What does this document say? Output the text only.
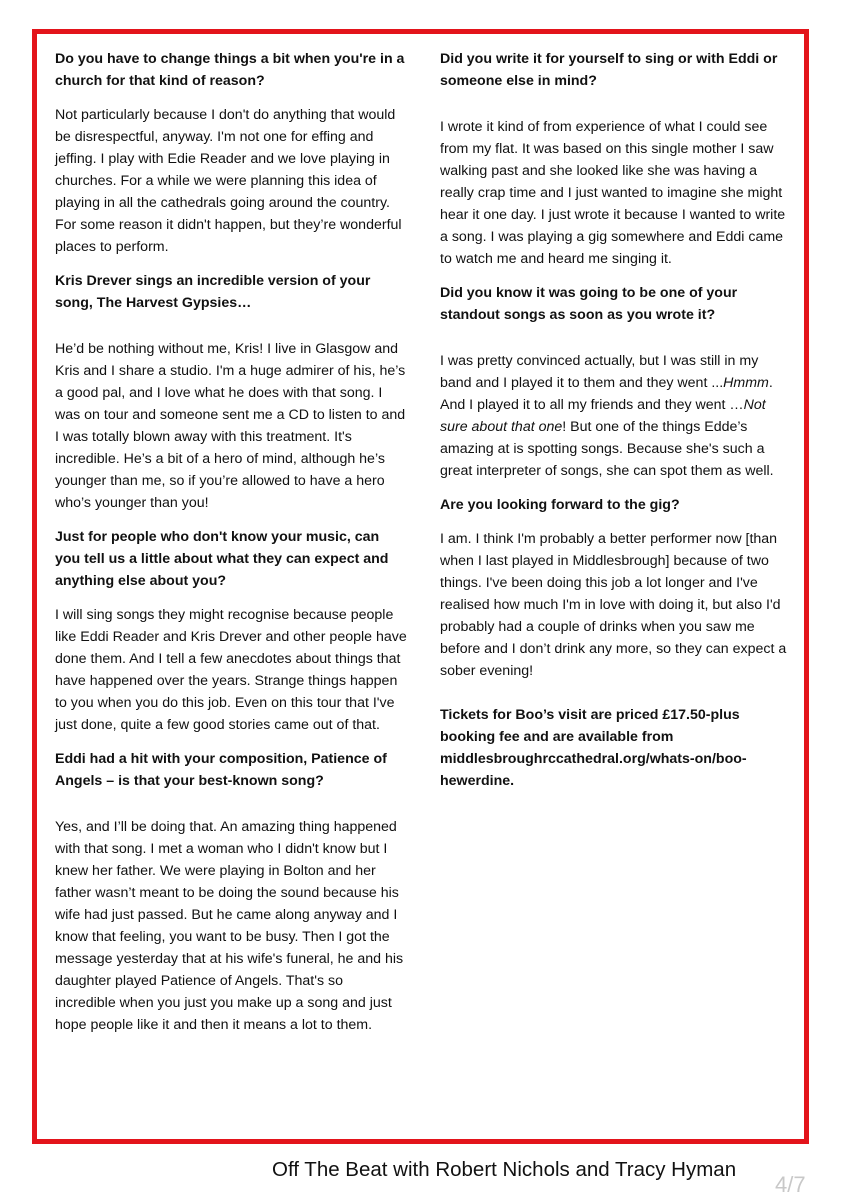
Do you have to change things a bit when you're in a church for that kind of reason?

Not particularly because I don't do anything that would be disrespectful, anyway. I'm not one for effing and jeffing. I play with Edie Reader and we love playing in churches. For a while we were planning this idea of playing in all the cathedrals going around the country. For some reason it didn't happen, but they’re wonderful places to perform.

Kris Drever sings an incredible version of your song, The Harvest Gypsies…

He’d be nothing without me, Kris! I live in Glasgow and Kris and I share a studio. I'm a huge admirer of his, he’s a good pal, and I love what he does with that song. I was on tour and someone sent me a CD to listen to and I was totally blown away with this treatment. It's incredible. He’s a bit of a hero of mind, although he’s younger than me, so if you’re allowed to have a hero who’s younger than you!

Just for people who don't know your music, can you tell us a little about what they can expect and anything else about you?

I will sing songs they might recognise because people like Eddi Reader and Kris Drever and other people have done them. And I tell a few anecdotes about things that have happened over the years. Strange things happen to you when you do this job. Even on this tour that I've just done, quite a few good stories came out of that.

Eddi had a hit with your composition, Patience of Angels – is that your best-known song?

Yes, and I’ll be doing that. An amazing thing happened with that song. I met a woman who I didn't know but I knew her father. We were playing in Bolton and her father wasn’t meant to be doing the sound because his wife had just passed. But he came along anyway and I know that feeling, you want to be busy. Then I got the message yesterday that at his wife's funeral, he and his daughter played Patience of Angels. That's so incredible when you just you make up a song and just hope people like it and then it means a lot to them.

Did you write it for yourself to sing or with Eddi or someone else in mind?

I wrote it kind of from experience of what I could see from my flat. It was based on this single mother I saw walking past and she looked like she was having a really crap time and I just wanted to imagine she might hear it one day. I just wrote it because I wanted to write a song. I was playing a gig somewhere and Eddi came to watch me and heard me singing it.

Did you know it was going to be one of your standout songs as soon as you wrote it?

I was pretty convinced actually, but I was still in my band and I played it to them and they went ...Hmmm. And I played it to all my friends and they went …Not sure about that one! But one of the things Edde’s amazing at is spotting songs. Because she's such a great interpreter of songs, she can spot them as well.

Are you looking forward to the gig?

I am. I think I'm probably a better performer now [than when I last played in Middlesbrough] because of two things. I've been doing this job a lot longer and I've realised how much I'm in love with doing it, but also I'd probably had a couple of drinks when you saw me before and I don’t drink any more, so they can expect a sober evening!

Tickets for Boo’s visit are priced £17.50-plus booking fee and are available from middlesbroughrccathedral.org/whats-on/boo-hewerdine.

Off The Beat with Robert Nichols and Tracy Hyman
4/7
